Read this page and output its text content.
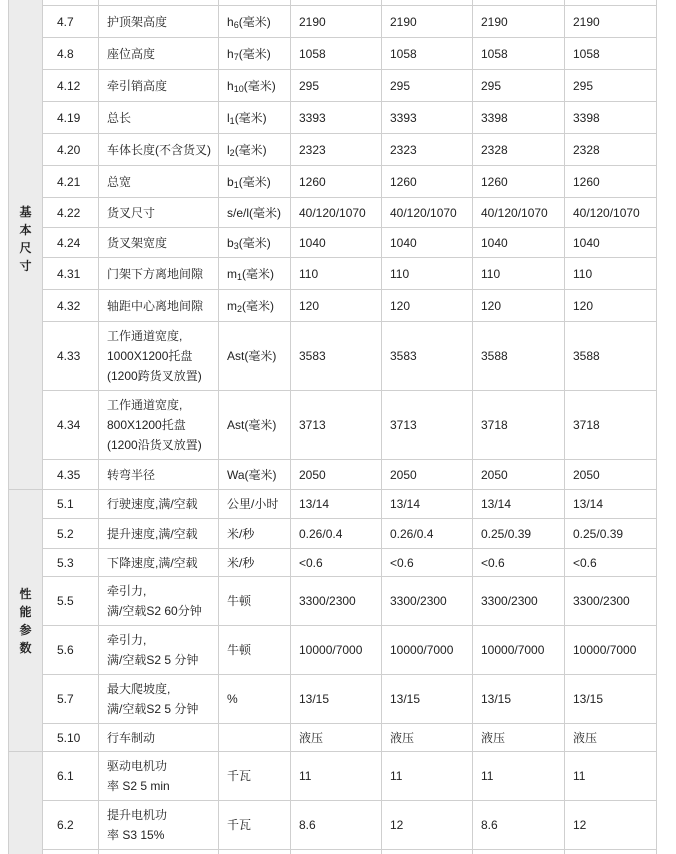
基本尺寸							

	4.7	护顶架高度	$h_6$(毫米)	2190	2190	2190	2190
	4.8	座位高度	$h_7$(毫米)	1058	1058	1058	1058
	4.12	牵引销高度	$h_{10}$(毫米)	295	295	295	295
	4.19	总长	$l_1$(毫米)	3393	3393	3398	3398
	4.20	车体长度(不含货叉)	$l_2$(毫米)	2323	2323	2328	2328
	4.21	总宽	$b_1$(毫米)	1260	1260	1260	1260
	4.22	货叉尺寸	s/e/l(毫米)	40/120/1070	40/120/1070	40/120/1070	40/120/1070
	4.24	货叉架宽度	$b_3$(毫米)	1040	1040	1040	1040
	4.31	门架下方离地间隙	$m_1$(毫米)	110	110	110	110
	4.32	轴距中心离地间隙	$m_2$(毫米)	120	120	120	120
	4.33	工作通道宽度,
1000X1200托盘
(1200跨货叉放置)	Ast(毫米)	3583	3583	3588	3588
	4.34	工作通道宽度,
800X1200托盘
(1200沿货叉放置)	Ast(毫米)	3713	3713	3718	3718
	4.35	转弯半径	Wa(毫米)	2050	2050	2050	2050

性能参数	5.1	行驶速度,满/空载	公里/小时	13/14	13/14	13/14	13/14
	5.2	提升速度,满/空载	米/秒	0.26/0.4	0.26/0.4	0.25/0.39	0.25/0.39
	5.3	下降速度,满/空载	米/秒	<0.6	<0.6	<0.6	<0.6
	5.5	牵引力,
满/空载S2 60分钟	牛顿	3300/2300	3300/2300	3300/2300	3300/2300
	5.6	牵引力,
满/空载S2 5 分钟	牛顿	10000/7000	10000/7000	10000/7000	10000/7000
	5.7	最大爬坡度,
满/空载S2 5 分钟	%	13/15	13/15	13/15	13/15
	5.10	行车制动		液压	液压	液压	液压
	6.1	驱动电机功
率 S2 5 min	千瓦	11	11	11	11
	6.2	提升电机功
率 S3 15%	千瓦	8.6	12	8.6	12
